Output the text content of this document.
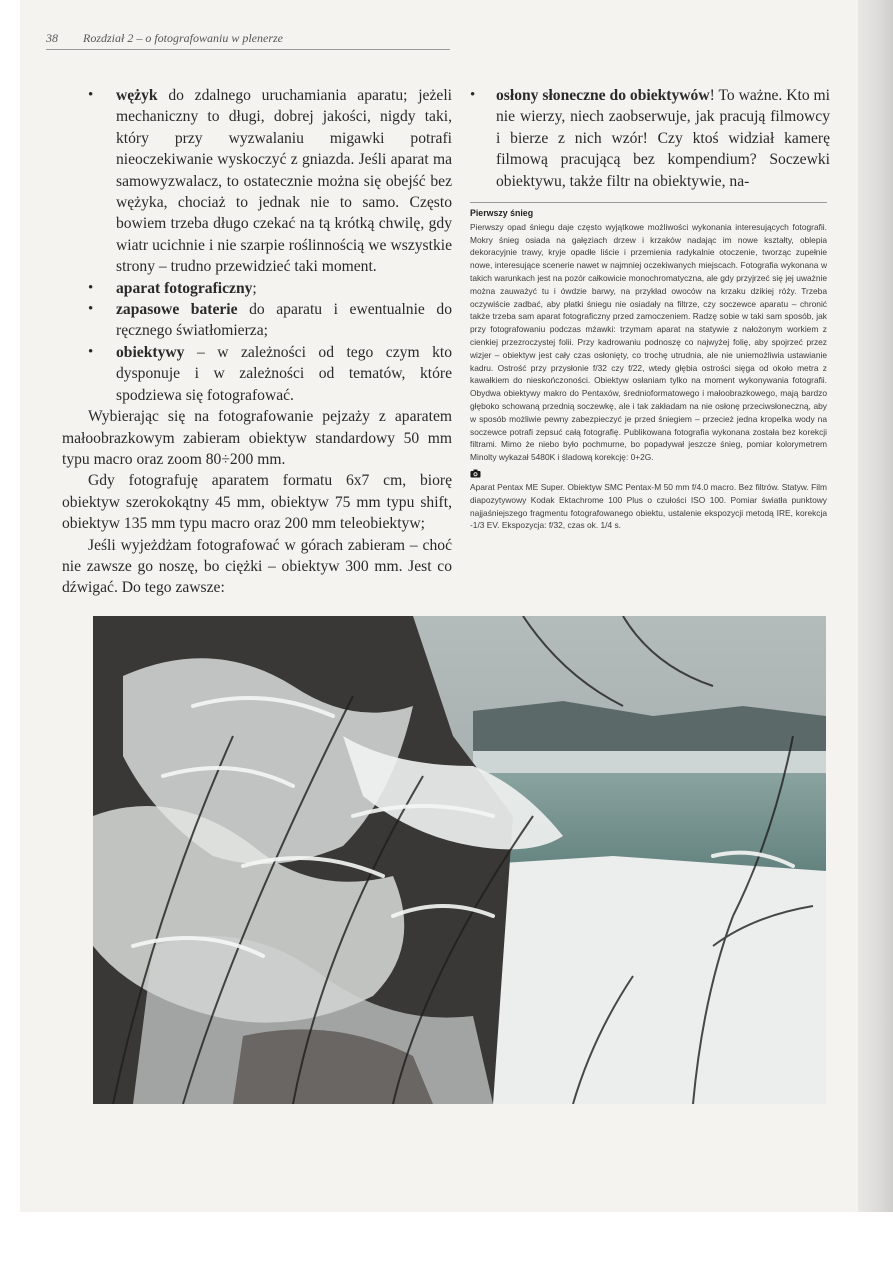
38 Rozdział 2 – o fotografowaniu w plenerze
• wężyk do zdalnego uruchamiania aparatu; jeżeli mechaniczny to długi, dobrej jakości, nigdy taki, który przy wyzwalaniu migawki potrafi nieoczekiwanie wyskoczyć z gniazda. Jeśli aparat ma samowyzwalacz, to ostatecznie można się obejść bez wężyka, chociaż to jednak nie to samo. Często bowiem trzeba długo czekać na tą krótką chwilę, gdy wiatr ucichnie i nie szarpie roślinnością we wszystkie strony – trudno przewidzieć taki moment.
• aparat fotograficzny;
• zapasowe baterie do aparatu i ewentualnie do ręcznego światłomierza;
• obiektywy – w zależności od tego czym kto dysponuje i w zależności od tematów, które spodziewa się fotografować.

Wybierając się na fotografowanie pejzaży z aparatem małoobrazkowym zabieram obiektyw standardowy 50 mm typu macro oraz zoom 80÷200 mm.

Gdy fotografuję aparatem formatu 6x7 cm, biorę obiektyw szerokokątny 45 mm, obiektyw 75 mm typu shift, obiektyw 135 mm typu macro oraz 200 mm teleobiektyw;

Jeśli wyjeżdżam fotografować w górach zabieram – choć nie zawsze go noszę, bo ciężki – obiektyw 300 mm. Jest co dźwigać. Do tego zawsze:

• osłony słoneczne do obiektywów! To ważne. Kto mi nie wierzy, niech zaobserwuje, jak pracują filmowcy i bierze z nich wzór! Czy ktoś widział kamerę filmową pracującą bez kompendium? Soczewki obiektywu, także filtr na obiektywie, na-
Pierwszy śnieg

Pierwszy opad śniegu daje często wyjątkowe możliwości wykonania interesujących fotografii. Mokry śnieg osiada na gałęziach drzew i krzaków nadając im nowe kształty, oblepia dekoracyjnie trawy, kryje opadłe liście i przemienia radykalnie otoczenie, tworząc zupełnie nowe, interesujące scenerie nawet w najmniej oczekiwanych miejscach. Fotografia wykonana w takich warunkach jest na pozór całkowicie monochromatyczna, ale gdy przyjrzeć się jej uważnie można zauważyć tu i ówdzie barwy, na przykład owoców na krzaku dzikiej róży. Trzeba oczywiście zadbać, aby płatki śniegu nie osiadały na filtrze, czy soczewce aparatu – chronić także trzeba sam aparat fotograficzny przed zamoczeniem. Radzę sobie w taki sam sposób, jak przy fotografowaniu podczas mżawki: trzymam aparat na statywie z nałożonym workiem z cienkiej przezroczystej folii. Przy kadrowaniu podnoszę co najwyżej folię, aby spojrzeć przez wizjer – obiektyw jest cały czas osłonięty, co trochę utrudnia, ale nie uniemożliwia ustawianie kadru. Ostrość przy przysłonie f/32 czy f/22, wtedy głębia ostrości sięga od około metra z kawałkiem do nieskończoności. Obiektyw osłaniam tylko na moment wykonywania fotografii. Obydwa obiektywy makro do Pentaxów, średnioformatowego i małoobrazkowego, mają bardzo głęboko schowaną przednią soczewkę, ale i tak zakładam na nie osłonę przeciwsłoneczną, aby w sposób możliwie pewny zabezpieczyć je przed śniegiem – przecież jedna kropelka wody na soczewce potrafi zepsuć całą fotografię. Publikowana fotografia wykonana została bez korekcji filtrami. Mimo że niebo było pochmurne, bo popadywał jeszcze śnieg, pomiar kolorymetrem Minolty wykazał 5480K i śladową korekcję: 0+2G.

Aparat Pentax ME Super. Obiektyw SMC Pentax-M 50 mm f/4.0 macro. Bez filtrów. Statyw. Film diapozytywowy Kodak Ektachrome 100 Plus o czułości ISO 100. Pomiar światła punktowy najjaśniejszego fragmentu fotografowanego obiektu, ustalenie ekspozycji metodą IRE, korekcja -1/3 EV. Ekspozycja: f/32, czas ok. 1/4 s.
